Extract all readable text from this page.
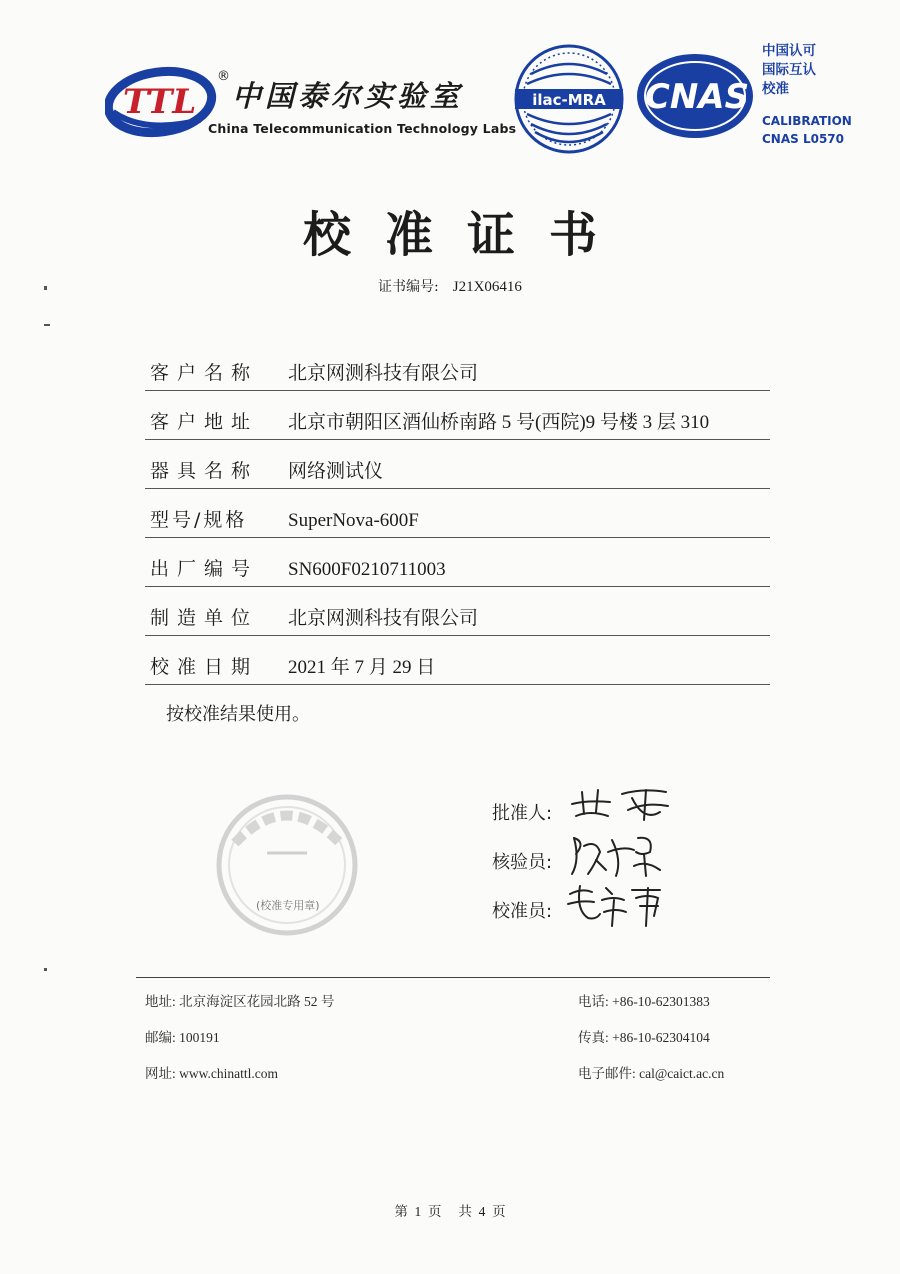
TTL
®
中国泰尔实验室
China Telecommunication Technology Labs
ilac-MRA CNAS
中国认可
国际互认
校准
CALIBRATION
CNAS L0570
校准证书
证书编号: J21X06416
客户名称	北京网测科技有限公司
客户地址	北京市朝阳区酒仙桥南路 5 号(西院)9 号楼 3 层 310
器具名称	网络测试仪
型号/规格	SuperNova-600F
出厂编号	SN600F0210711003
制造单位	北京网测科技有限公司
校准日期	2021 年 7 月 29 日
按校准结果使用。
(校准专用章)
批准人:
核验员:
校准员:
地址: 北京海淀区花园北路 52 号
邮编: 100191
网址: www.chinattl.com
电话: +86-10-62301383
传真: +86-10-62304104
电子邮件: cal@caict.ac.cn
第  1  页     共  4  页
